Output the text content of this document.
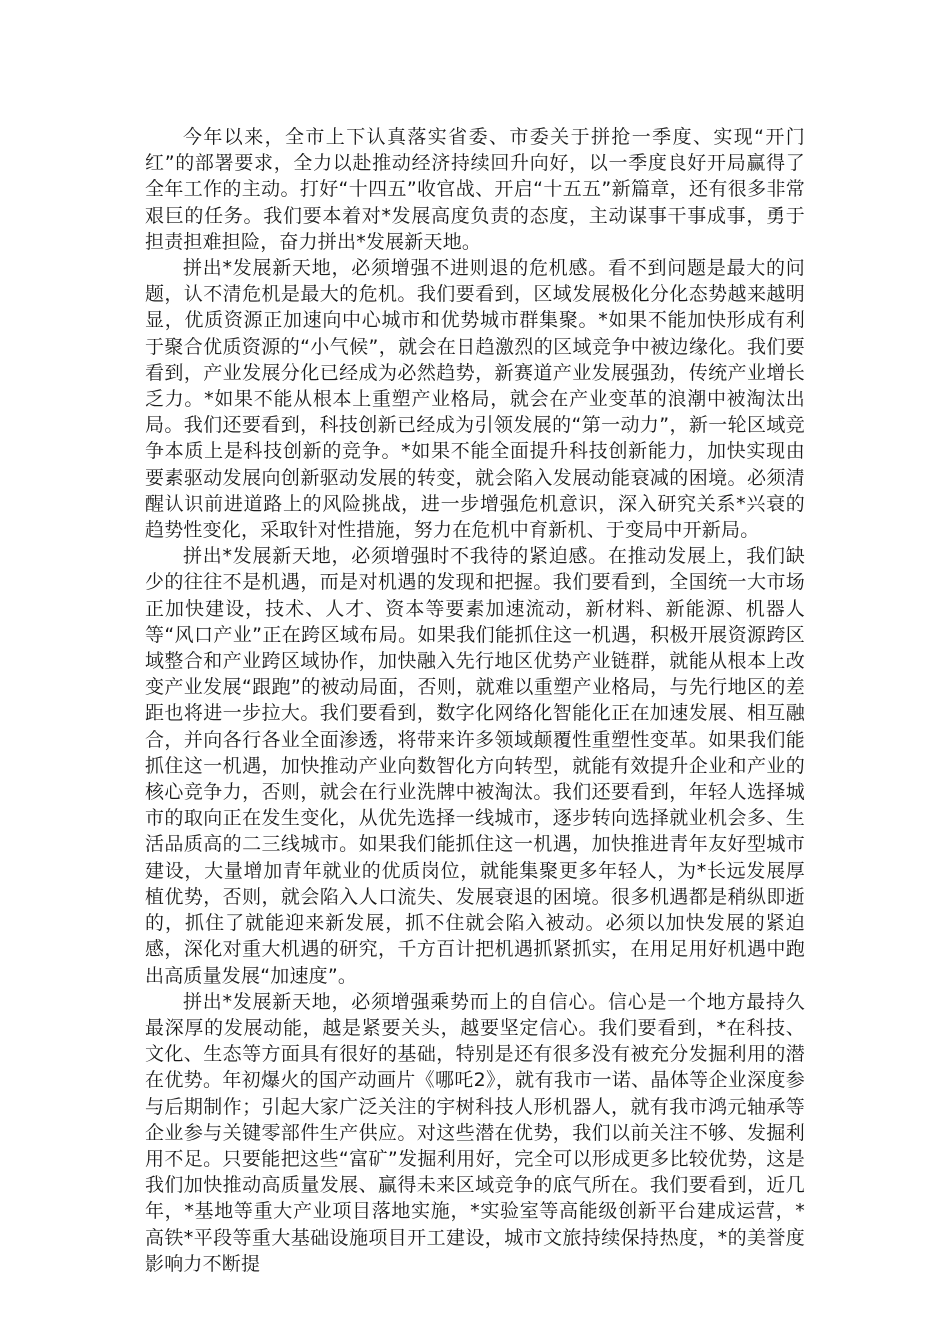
今年以来，全市上下认真落实省委、市委关于拼抢一季度、实现“开门红”的部署要求，全力以赴推动经济持续回升向好，以一季度良好开局赢得了全年工作的主动。打好“十四五”收官战、开启“十五五”新篇章，还有很多非常艰巨的任务。我们要本着对*发展高度负责的态度，主动谋事干事成事，勇于担责担难担险，奋力拼出*发展新天地。

拼出*发展新天地，必须增强不进则退的危机感。看不到问题是最大的问题，认不清危机是最大的危机。我们要看到，区域发展极化分化态势越来越明显，优质资源正加速向中心城市和优势城市群集聚。*如果不能加快形成有利于聚合优质资源的“小气候”，就会在日趋激烈的区域竞争中被边缘化。我们要看到，产业发展分化已经成为必然趋势，新赛道产业发展强劲，传统产业增长乏力。*如果不能从根本上重塑产业格局，就会在产业变革的浪潮中被淘汰出局。我们还要看到，科技创新已经成为引领发展的“第一动力”，新一轮区域竞争本质上是科技创新的竞争。*如果不能全面提升科技创新能力，加快实现由要素驱动发展向创新驱动发展的转变，就会陷入发展动能衰减的困境。必须清醒认识前进道路上的风险挑战，进一步增强危机意识，深入研究关系*兴衰的趋势性变化，采取针对性措施，努力在危机中育新机、于变局中开新局。

拼出*发展新天地，必须增强时不我待的紧迫感。在推动发展上，我们缺少的往往不是机遇，而是对机遇的发现和把握。我们要看到，全国统一大市场正加快建设，技术、人才、资本等要素加速流动，新材料、新能源、机器人等“风口产业”正在跨区域布局。如果我们能抓住这一机遇，积极开展资源跨区域整合和产业跨区域协作，加快融入先行地区优势产业链群，就能从根本上改变产业发展“跟跑”的被动局面，否则，就难以重塑产业格局，与先行地区的差距也将进一步拉大。我们要看到，数字化网络化智能化正在加速发展、相互融合，并向各行各业全面渗透，将带来许多领域颠覆性重塑性变革。如果我们能抓住这一机遇，加快推动产业向数智化方向转型，就能有效提升企业和产业的核心竞争力，否则，就会在行业洗牌中被淘汰。我们还要看到，年轻人选择城市的取向正在发生变化，从优先选择一线城市，逐步转向选择就业机会多、生活品质高的二三线城市。如果我们能抓住这一机遇，加快推进青年友好型城市建设，大量增加青年就业的优质岗位，就能集聚更多年轻人，为*长远发展厚植优势，否则，就会陷入人口流失、发展衰退的困境。很多机遇都是稍纵即逝的，抓住了就能迎来新发展，抓不住就会陷入被动。必须以加快发展的紧迫感，深化对重大机遇的研究，千方百计把机遇抓紧抓实，在用足用好机遇中跑出高质量发展“加速度”。

拼出*发展新天地，必须增强乘势而上的自信心。信心是一个地方最持久最深厚的发展动能，越是紧要关头，越要坚定信心。我们要看到，*在科技、文化、生态等方面具有很好的基础，特别是还有很多没有被充分发掘利用的潜在优势。年初爆火的国产动画片《哪吒2》，就有我市一诺、晶体等企业深度参与后期制作；引起大家广泛关注的宇树科技人形机器人，就有我市鸿元轴承等企业参与关键零部件生产供应。对这些潜在优势，我们以前关注不够、发掘利用不足。只要能把这些“富矿”发掘利用好，完全可以形成更多比较优势，这是我们加快推动高质量发展、赢得未来区域竞争的底气所在。我们要看到，近几年，*基地等重大产业项目落地实施，*实验室等高能级创新平台建成运营，*高铁*平段等重大基础设施项目开工建设，城市文旅持续保持热度，*的美誉度影响力不断提
